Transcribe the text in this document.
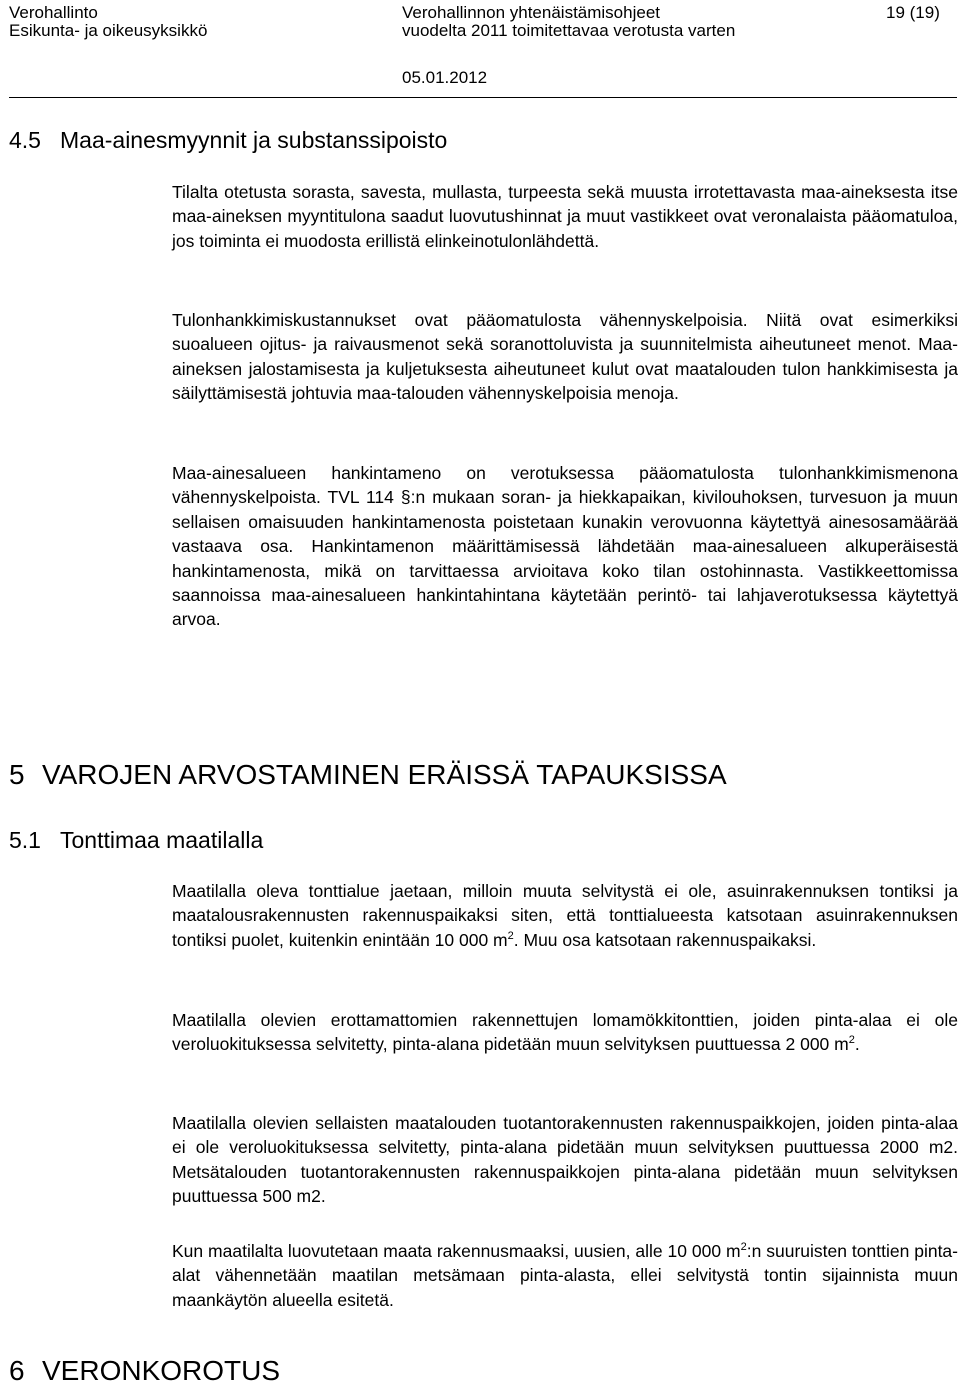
Verohallinto
Esikunta- ja oikeusyksikkö
Verohallinnon yhtenäistämisohjeet
vuodelta 2011 toimitettavaa verotusta varten
05.01.2012
19 (19)
4.5 Maa-ainesmyynnit ja substanssipoisto

Tilalta otetusta sorasta, savesta, mullasta, turpeesta sekä muusta irrotettavasta maa-aineksesta itse maa-aineksen myyntitulona saadut luovutushinnat ja muut vastikkeet ovat veronalaista pääomatuloa, jos toiminta ei muodosta erillistä elinkeinotulonlähdettä.

Tulonhankkimiskustannukset ovat pääomatulosta vähennyskelpoisia. Niitä ovat esimerkiksi suoalueen ojitus- ja raivausmenot sekä soranottoluvista ja suunnitelmista aiheutuneet menot. Maa-aineksen jalostamisesta ja kuljetuksesta aiheutuneet kulut ovat maatalouden tulon hankkimisesta ja säilyttämisestä johtuvia maa-talouden vähennyskelpoisia menoja.

Maa-ainesalueen hankintameno on verotuksessa pääomatulosta tulonhankkimismenona vähennyskelpoista. TVL 114 §:n mukaan soran- ja hiekkapaikan, kivilouhoksen, turvesuon ja muun sellaisen omaisuuden hankintamenosta poistetaan kunakin verovuonna käytettyä ainesosamäärää vastaava osa. Hankintamenon määrittämisessä lähdetään maa-ainesalueen alkuperäisestä hankintamenosta, mikä on tarvittaessa arvioitava koko tilan ostohinnasta. Vastikkeettomissa saannoissa maa-ainesalueen hankintahintana käytetään perintö- tai lahjaverotuksessa käytettyä arvoa.

5 VAROJEN ARVOSTAMINEN ERÄISSÄ TAPAUKSISSA
5.1 Tonttimaa maatilalla

Maatilalla oleva tonttialue jaetaan, milloin muuta selvitystä ei ole, asuinrakennuksen tontiksi ja maatalousrakennusten rakennuspaikaksi siten, että tonttialueesta katsotaan asuinrakennuksen tontiksi puolet, kuitenkin enintään 10 000 $m^2$. Muu osa katsotaan rakennuspaikaksi.

Maatilalla olevien erottamattomien rakennettujen lomamökkitonttien, joiden pinta-alaa ei ole veroluokituksessa selvitetty, pinta-alana pidetään muun selvityksen puuttuessa 2 000 $m^2$.

Maatilalla olevien sellaisten maatalouden tuotantorakennusten rakennuspaikkojen, joiden pinta-alaa ei ole veroluokituksessa selvitetty, pinta-alana pidetään muun selvityksen puuttuessa 2000 m2. Metsätalouden tuotantorakennusten rakennuspaikkojen pinta-alana pidetään muun selvityksen puuttuessa 500 m2.

Kun maatilalta luovutetaan maata rakennusmaaksi, uusien, alle 10 000 $m^2:n$ suuruisten tonttien pinta-alat vähennetään maatilan metsämaan pinta-alasta, ellei selvitystä tontin sijainnista muun maankäytön alueella esitetä.

6 VERONKOROTUS
